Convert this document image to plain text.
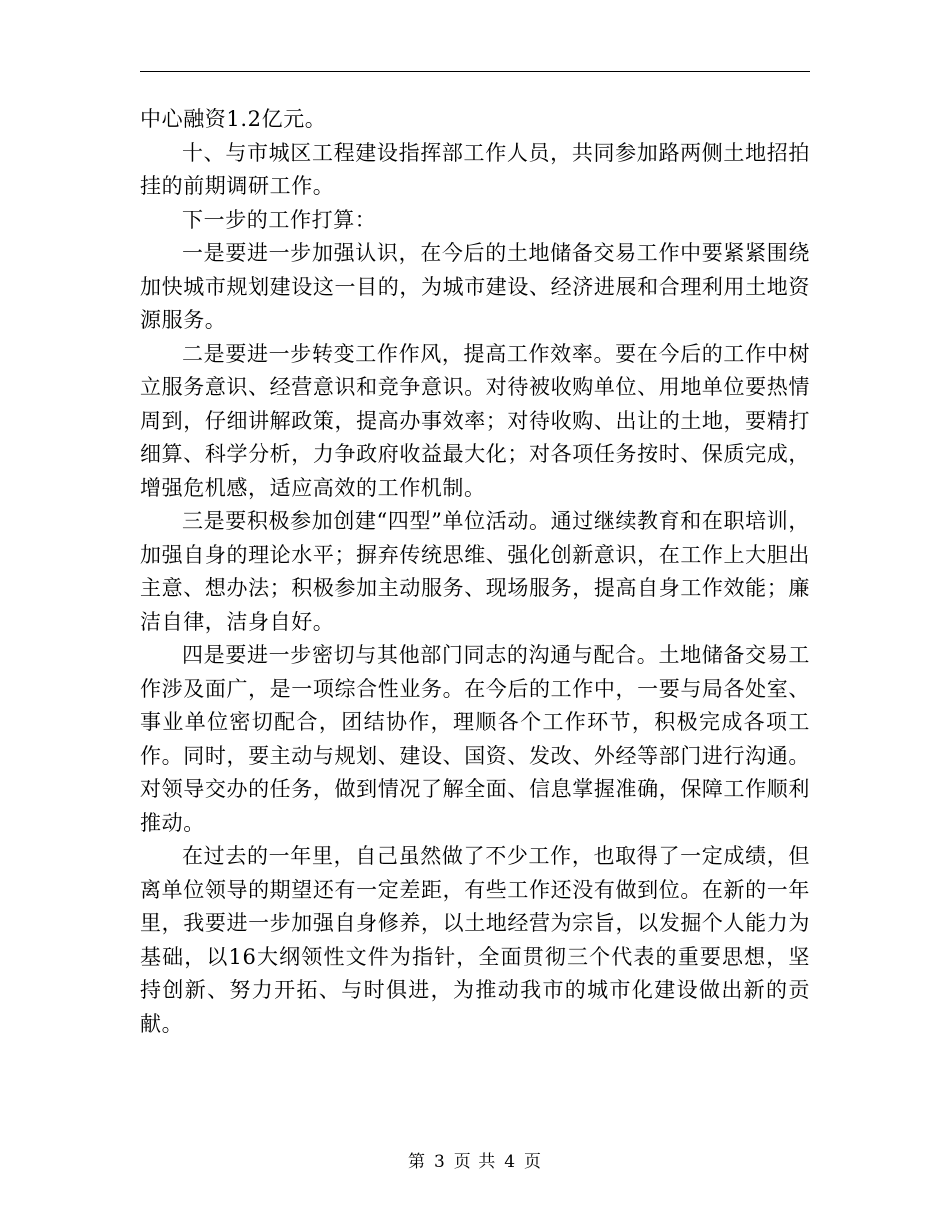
中心融资1.2亿元。

十、与市城区工程建设指挥部工作人员，共同参加路两侧土地招拍挂的前期调研工作。

下一步的工作打算：

一是要进一步加强认识，在今后的土地储备交易工作中要紧紧围绕加快城市规划建设这一目的，为城市建设、经济进展和合理利用土地资源服务。

二是要进一步转变工作作风，提高工作效率。要在今后的工作中树立服务意识、经营意识和竞争意识。对待被收购单位、用地单位要热情周到，仔细讲解政策，提高办事效率；对待收购、出让的土地，要精打细算、科学分析，力争政府收益最大化；对各项任务按时、保质完成，增强危机感，适应高效的工作机制。

三是要积极参加创建“四型”单位活动。通过继续教育和在职培训，加强自身的理论水平；摒弃传统思维、强化创新意识，在工作上大胆出主意、想办法；积极参加主动服务、现场服务，提高自身工作效能；廉洁自律，洁身自好。

四是要进一步密切与其他部门同志的沟通与配合。土地储备交易工作涉及面广，是一项综合性业务。在今后的工作中，一要与局各处室、事业单位密切配合，团结协作，理顺各个工作环节，积极完成各项工作。同时，要主动与规划、建设、国资、发改、外经等部门进行沟通。对领导交办的任务，做到情况了解全面、信息掌握准确，保障工作顺利推动。

在过去的一年里，自己虽然做了不少工作，也取得了一定成绩，但离单位领导的期望还有一定差距，有些工作还没有做到位。在新的一年里，我要进一步加强自身修养，以土地经营为宗旨，以发掘个人能力为基础，以16大纲领性文件为指针，全面贯彻三个代表的重要思想，坚持创新、努力开拓、与时俱进，为推动我市的城市化建设做出新的贡献。

第 3 页 共 4 页
